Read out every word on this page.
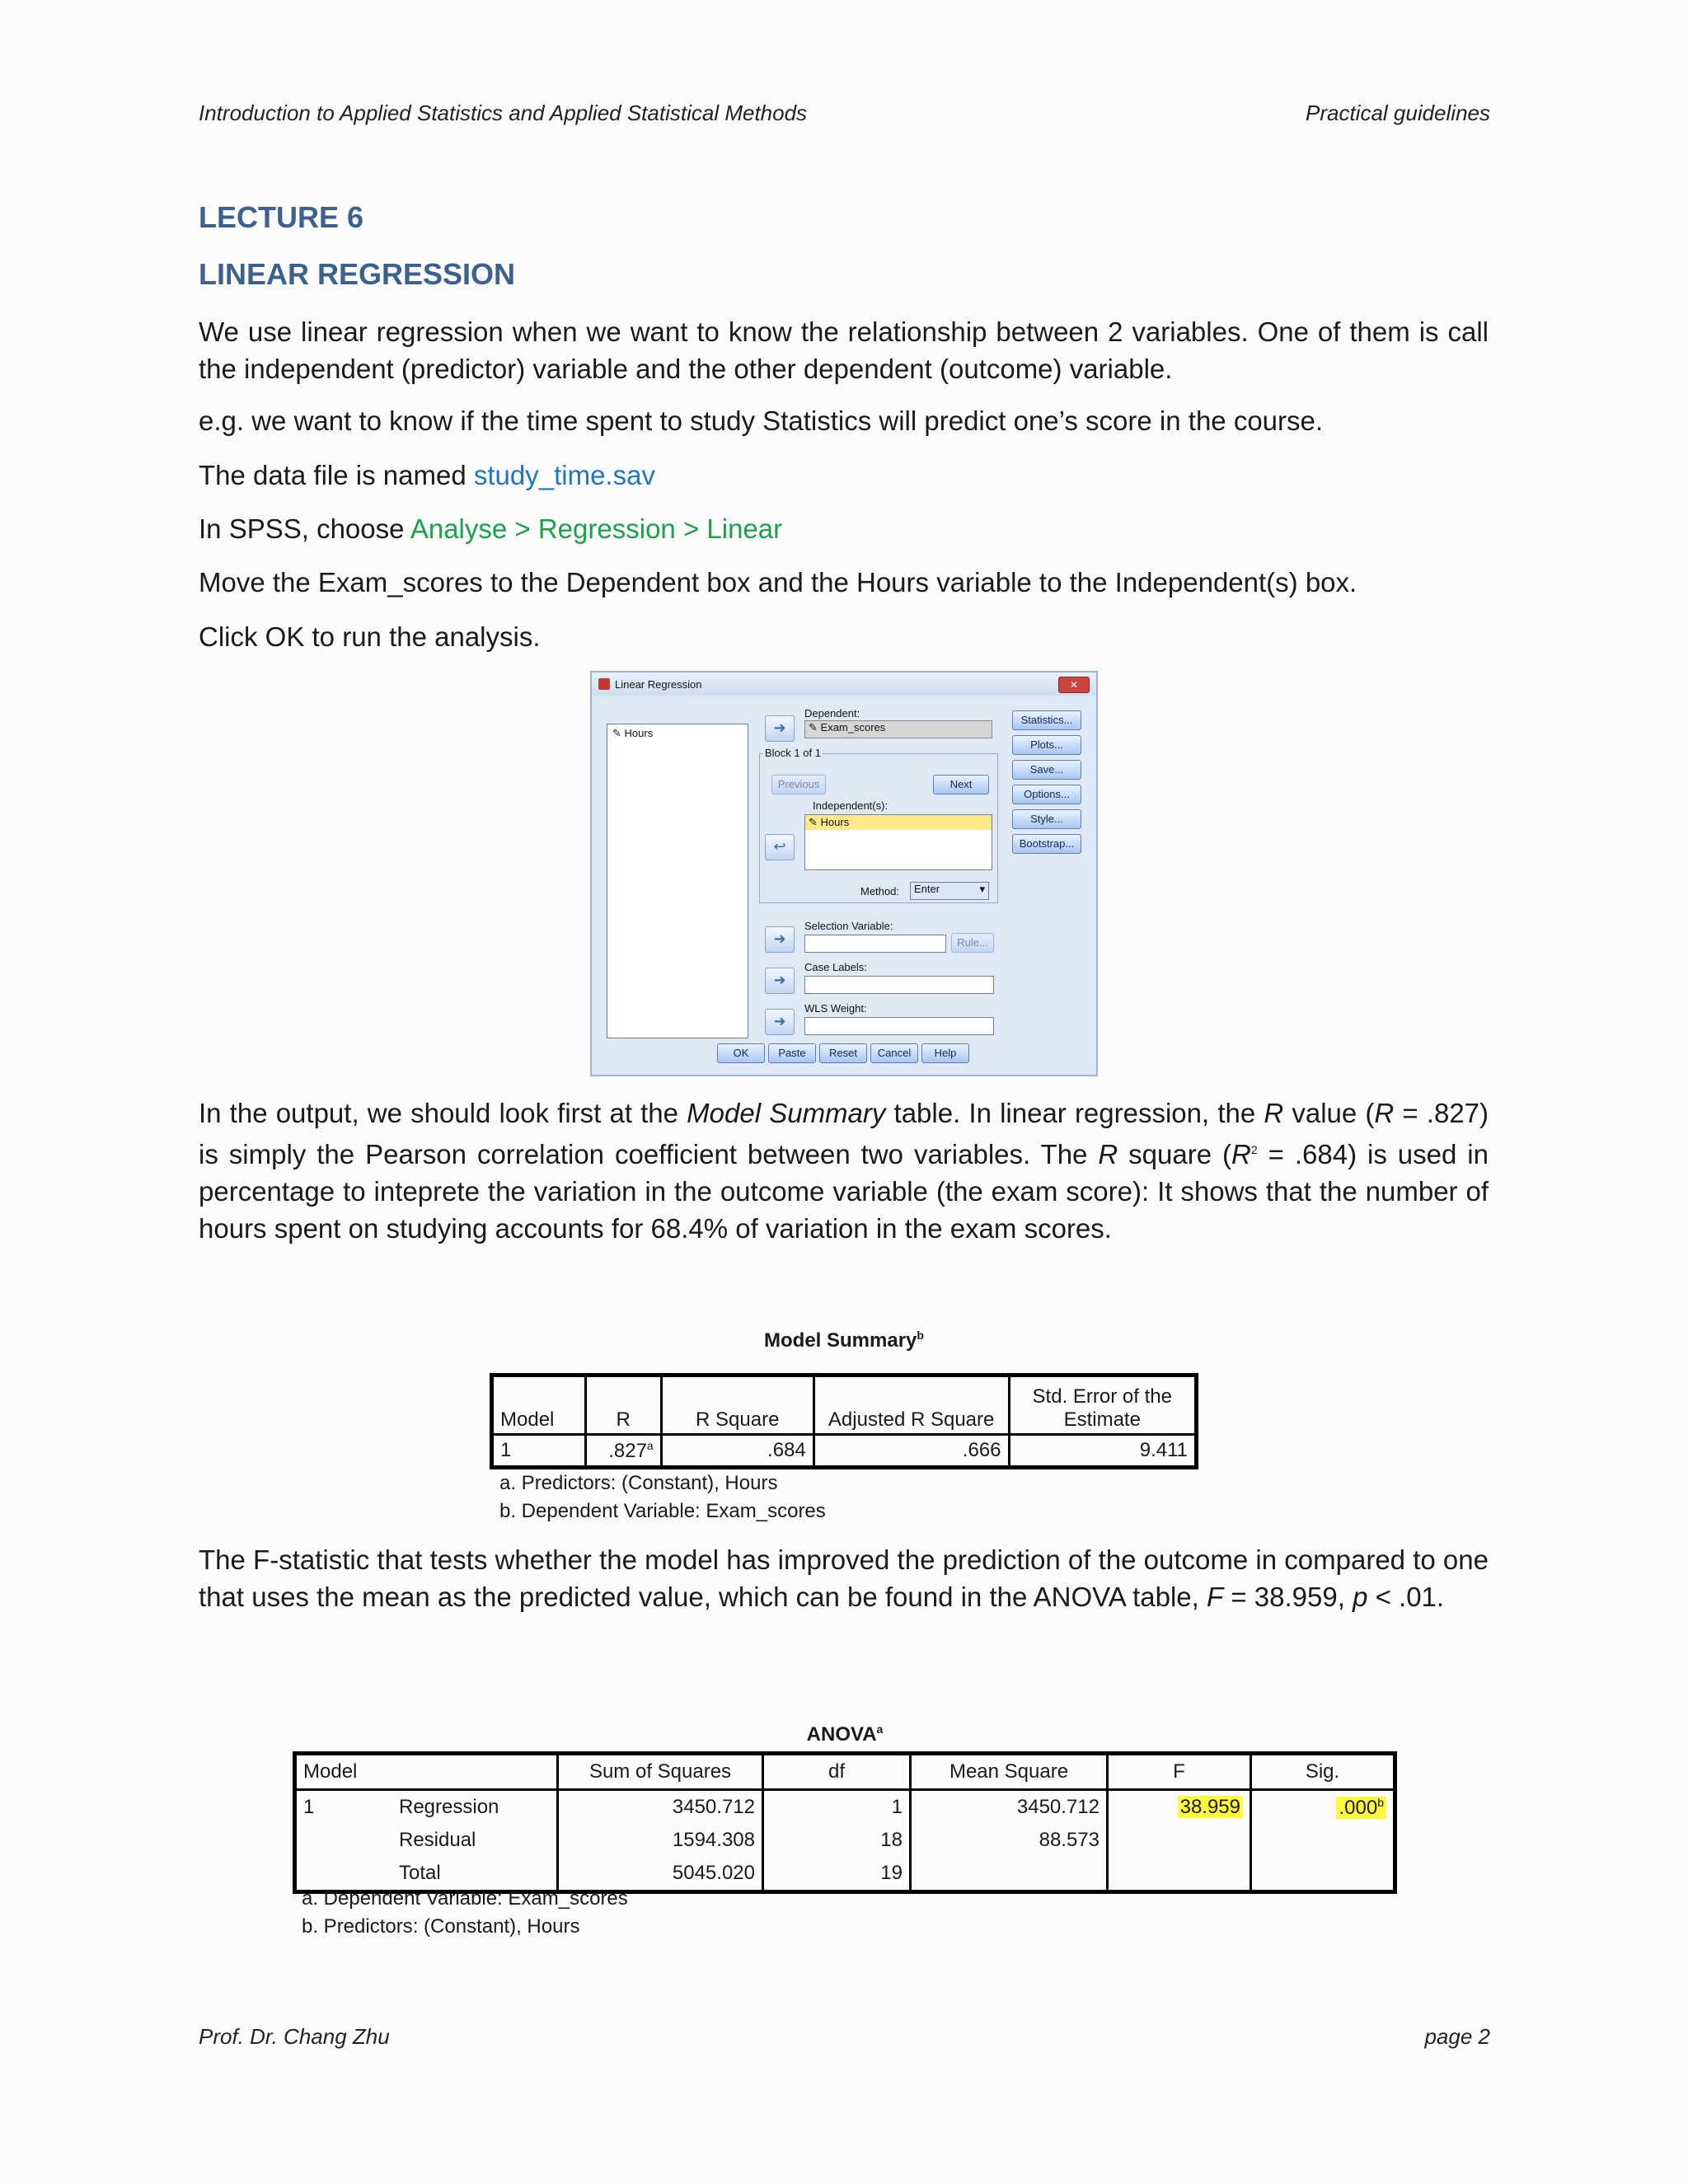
Introduction to Applied Statistics and Applied Statistical Methods	Practical guidelines
LECTURE 6
LINEAR REGRESSION
We use linear regression when we want to know the relationship between 2 variables. One of them is call the independent (predictor) variable and the other dependent (outcome) variable.
e.g. we want to know if the time spent to study Statistics will predict one’s score in the course.
The data file is named study_time.sav
In SPSS, choose Analyse > Regression > Linear
Move the Exam_scores to the Dependent box and the Hours variable to the Independent(s) box.
Click OK to run the analysis.
Linear Regression	✕
✎ Hours	➜
Dependent:
✎ Exam_scores
Block 1 of 1
Previous	Next
Independent(s):
↩
✎ Hours
Method:	Enter	▾
➜
Selection Variable:
Rule...
➜
Case Labels:
➜
WLS Weight:
Statistics...
Plots...
Save...
Options...
Style...
Bootstrap...
OK	Paste	Reset	Cancel	Help
In the output, we should look first at the Model Summary table. In linear regression, the R value (R = .827) is simply the Pearson correlation coefficient between two variables. The R square $(R^2 = .684)$ is used in percentage to inteprete the variation in the outcome variable (the exam score): It shows that the number of hours spent on studying accounts for 68.4% of variation in the exam scores.
Model Summary$^b$
Model	R	R Square	Adjusted R Square	Std. Error of the Estimate
1	.827$^a$	.684	.666	9.411
a. Predictors: (Constant), Hours
b. Dependent Variable: Exam_scores
The F-statistic that tests whether the model has improved the prediction of the outcome in compared to one that uses the mean as the predicted value, which can be found in the ANOVA table, F = 38.959, p < .01.
ANOVA$^a$
Model		Sum of Squares	df	Mean Square	F	Sig.
1	Regression	3450.712	1	3450.712	38.959	.000$^b$
	Residual	1594.308	18	88.573		
	Total	5045.020	19			
a. Dependent Variable: Exam_scores
b. Predictors: (Constant), Hours
Prof. Dr. Chang Zhu	page 2
